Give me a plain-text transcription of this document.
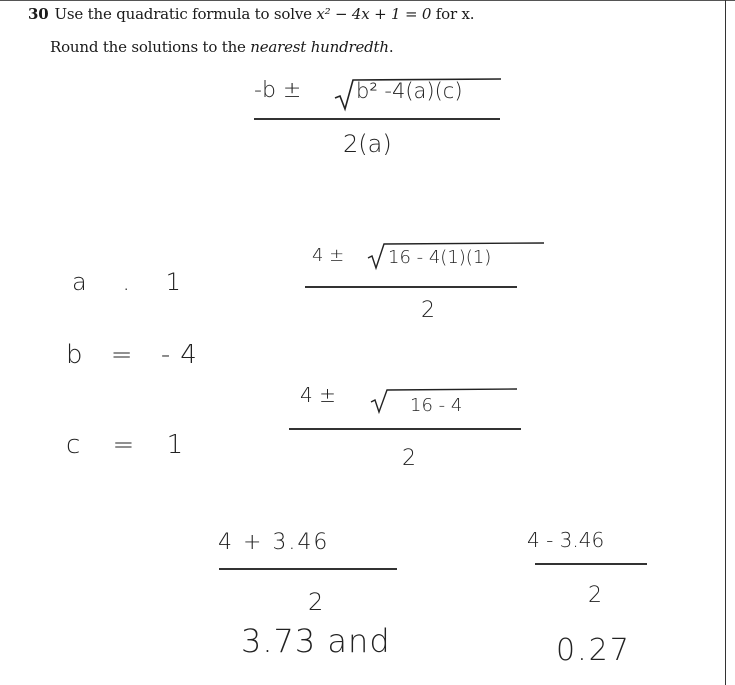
30 Use the quadratic formula to solve x² − 4x + 1 = 0 for x.
Round the solutions to the nearest hundredth.
-b ±	b² -4(a)(c)
2(a)
a . 1
b = -4
c = 1
4 ± 16 - 4(1)(1)
2
4 ±	16 - 4
2
4 + 3.46
2
3.73 and
4 - 3.46
2
0.27
